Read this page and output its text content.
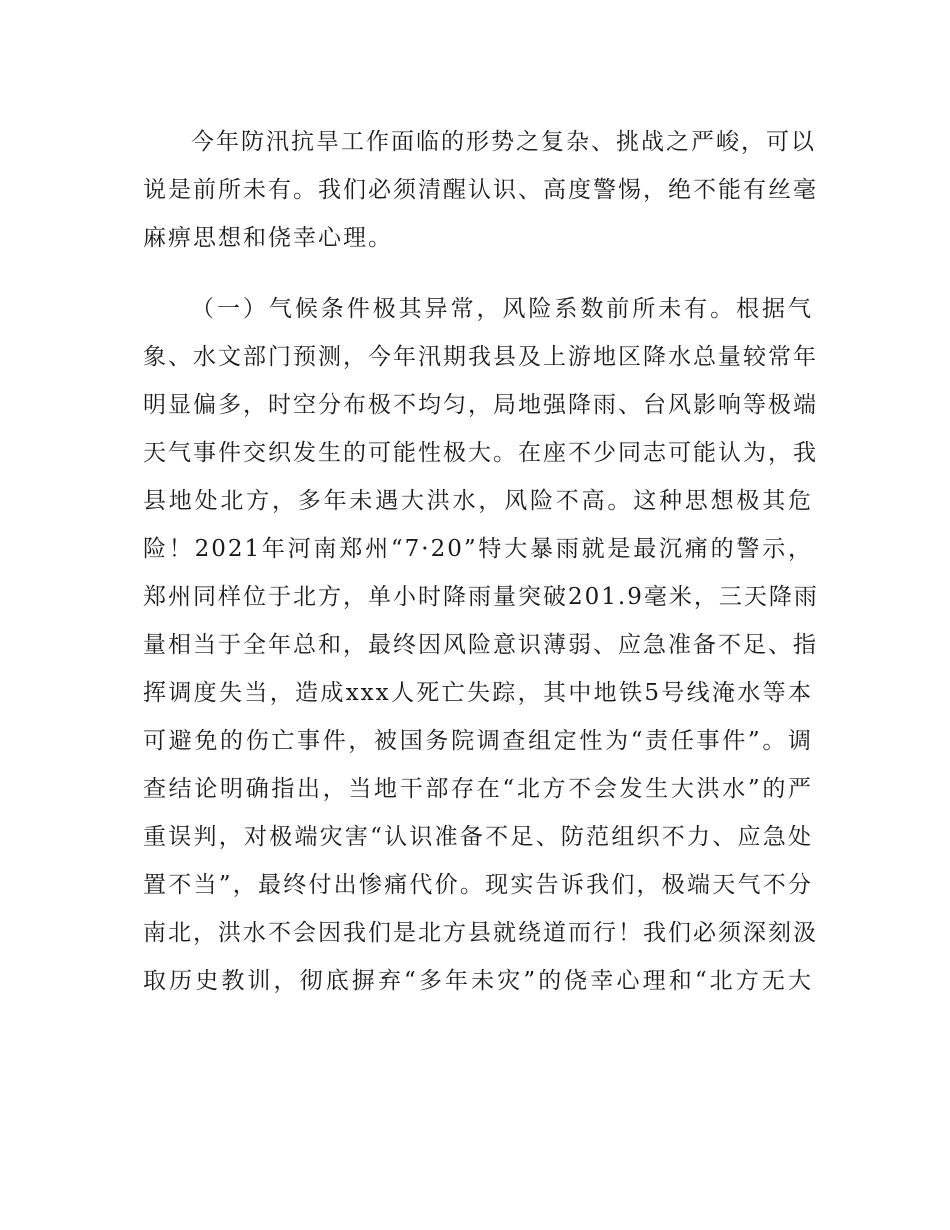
今年防汛抗旱工作面临的形势之复杂、挑战之严峻，可以
说是前所未有。我们必须清醒认识、高度警惕，绝不能有丝毫
麻痹思想和侥幸心理。

（一）气候条件极其异常，风险系数前所未有。根据气
象、水文部门预测，今年汛期我县及上游地区降水总量较常年
明显偏多，时空分布极不均匀，局地强降雨、台风影响等极端
天气事件交织发生的可能性极大。在座不少同志可能认为，我
县地处北方，多年未遇大洪水，风险不高。这种思想极其危
险！2021年河南郑州“7·20”特大暴雨就是最沉痛的警示，
郑州同样位于北方，单小时降雨量突破201.9毫米，三天降雨
量相当于全年总和，最终因风险意识薄弱、应急准备不足、指
挥调度失当，造成xxx人死亡失踪，其中地铁5号线淹水等本
可避免的伤亡事件，被国务院调查组定性为“责任事件”。调
查结论明确指出，当地干部存在“北方不会发生大洪水”的严
重误判，对极端灾害“认识准备不足、防范组织不力、应急处
置不当”，最终付出惨痛代价。现实告诉我们，极端天气不分
南北，洪水不会因我们是北方县就绕道而行！我们必须深刻汲
取历史教训，彻底摒弃“多年未灾”的侥幸心理和“北方无大
